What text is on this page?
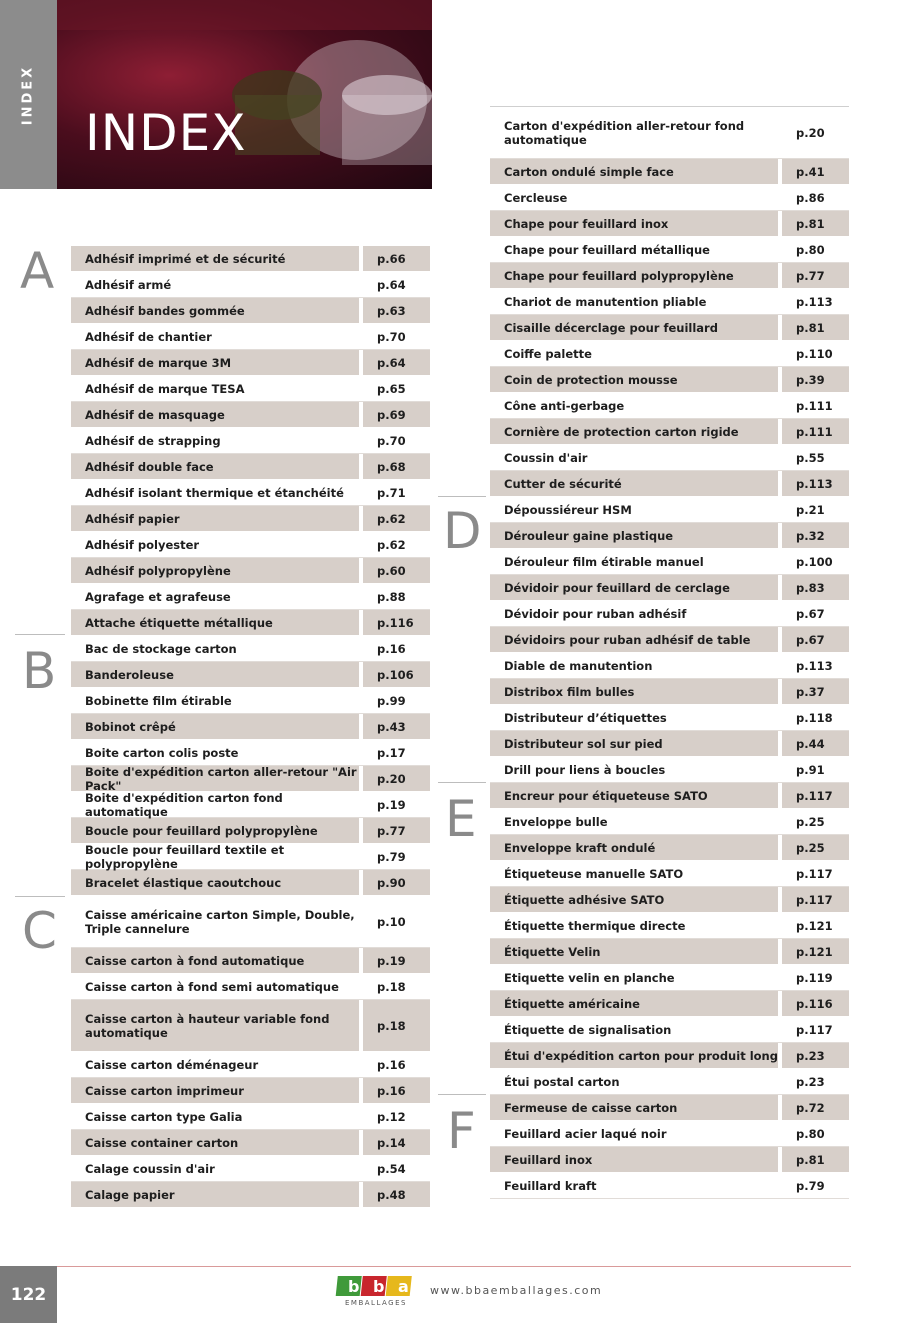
INDEX
INDEX
A
B
C
D
E
F
Adhésif imprimé et de sécurité	p.66
Adhésif armé	p.64
Adhésif bandes gommée	p.63
Adhésif de chantier	p.70
Adhésif de marque 3M	p.64
Adhésif de marque TESA	p.65
Adhésif de masquage	p.69
Adhésif de strapping	p.70
Adhésif double face	p.68
Adhésif isolant thermique et étanchéité	p.71
Adhésif papier	p.62
Adhésif polyester	p.62
Adhésif polypropylène	p.60
Agrafage et agrafeuse	p.88
Attache étiquette métallique	p.116
Bac de stockage carton	p.16
Banderoleuse	p.106
Bobinette film étirable	p.99
Bobinot crêpé	p.43
Boite carton colis poste	p.17
Boite d'expédition carton aller-retour "Air Pack"	p.20
Boite d'expédition carton fond automatique	p.19
Boucle pour feuillard polypropylène	p.77
Boucle pour feuillard textile et polypropylène	p.79
Bracelet élastique caoutchouc	p.90
Caisse américaine carton Simple, Double, Triple cannelure	p.10
Caisse carton à fond automatique	p.19
Caisse carton à fond semi automatique	p.18
Caisse carton à hauteur variable fond automatique	p.18
Caisse carton déménageur	p.16
Caisse carton imprimeur	p.16
Caisse carton type Galia	p.12
Caisse container carton	p.14
Calage coussin d'air	p.54
Calage papier	p.48
Carton d'expédition aller-retour fond automatique	p.20
Carton ondulé simple face	p.41
Cercleuse	p.86
Chape pour feuillard inox	p.81
Chape pour feuillard métallique	p.80
Chape pour feuillard polypropylène	p.77
Chariot de manutention pliable	p.113
Cisaille décerclage pour feuillard	p.81
Coiffe palette	p.110
Coin de protection mousse	p.39
Cône anti-gerbage	p.111
Cornière de protection carton rigide	p.111
Coussin d'air	p.55
Cutter de sécurité	p.113
Dépoussiéreur HSM	p.21
Dérouleur gaine plastique	p.32
Dérouleur film étirable manuel	p.100
Dévidoir pour feuillard de cerclage	p.83
Dévidoir pour ruban adhésif	p.67
Dévidoirs pour ruban adhésif de table	p.67
Diable de manutention	p.113
Distribox film bulles	p.37
Distributeur d’étiquettes	p.118
Distributeur sol sur pied	p.44
Drill pour liens à boucles	p.91
Encreur pour étiqueteuse SATO	p.117
Enveloppe bulle	p.25
Enveloppe kraft ondulé	p.25
Étiqueteuse manuelle SATO	p.117
Étiquette adhésive SATO	p.117
Étiquette thermique directe	p.121
Étiquette Velin	p.121
Etiquette velin en planche	p.119
Étiquette américaine	p.116
Étiquette de signalisation	p.117
Étui d'expédition carton pour produit long	p.23
Étui postal carton	p.23
Fermeuse de caisse carton	p.72
Feuillard acier laqué noir	p.80
Feuillard inox	p.81
Feuillard kraft	p.79
122	b b a
EMBALLAGES
www.bbaemballages.com
